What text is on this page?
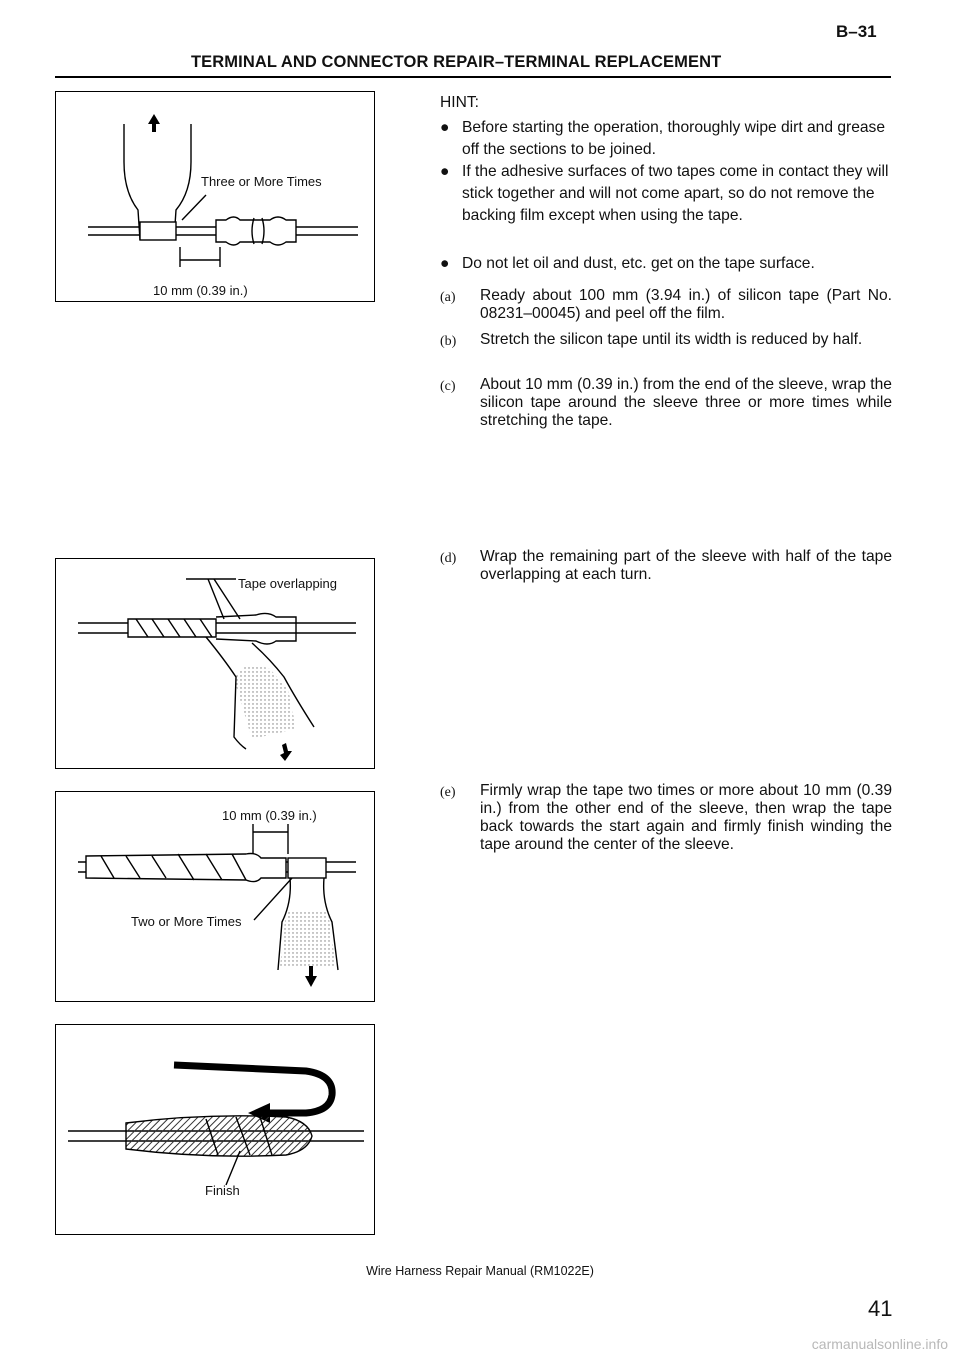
B–31
TERMINAL AND CONNECTOR REPAIR–TERMINAL REPLACEMENT
Three or More Times
10 mm (0.39 in.)
Tape overlapping
10 mm (0.39 in.)
Two or More Times
Finish
HINT:
● Before starting the operation, thoroughly wipe dirt and grease off the sections to be joined.
● If the adhesive surfaces of two tapes come in contact they will stick together and will not come apart, so do not remove the backing film except when using the tape.
● Do not let oil and dust, etc. get on the tape surface.
(a) Ready about 100 mm (3.94 in.) of silicon tape (Part No. 08231–00045) and peel off the film.
(b) Stretch the silicon tape until its width is reduced by half.
(c) About 10 mm (0.39 in.) from the end of the sleeve, wrap the silicon tape around the sleeve three or more times while stretching the tape.
(d) Wrap the remaining part of the sleeve with half of the tape overlapping at each turn.
(e) Firmly wrap the tape two times or more about 10 mm (0.39 in.) from the other end of the sleeve, then wrap the tape back towards the start again and firmly finish winding the tape around the center of the sleeve.
Wire Harness Repair Manual (RM1022E)
41
carmanualsonline.info
